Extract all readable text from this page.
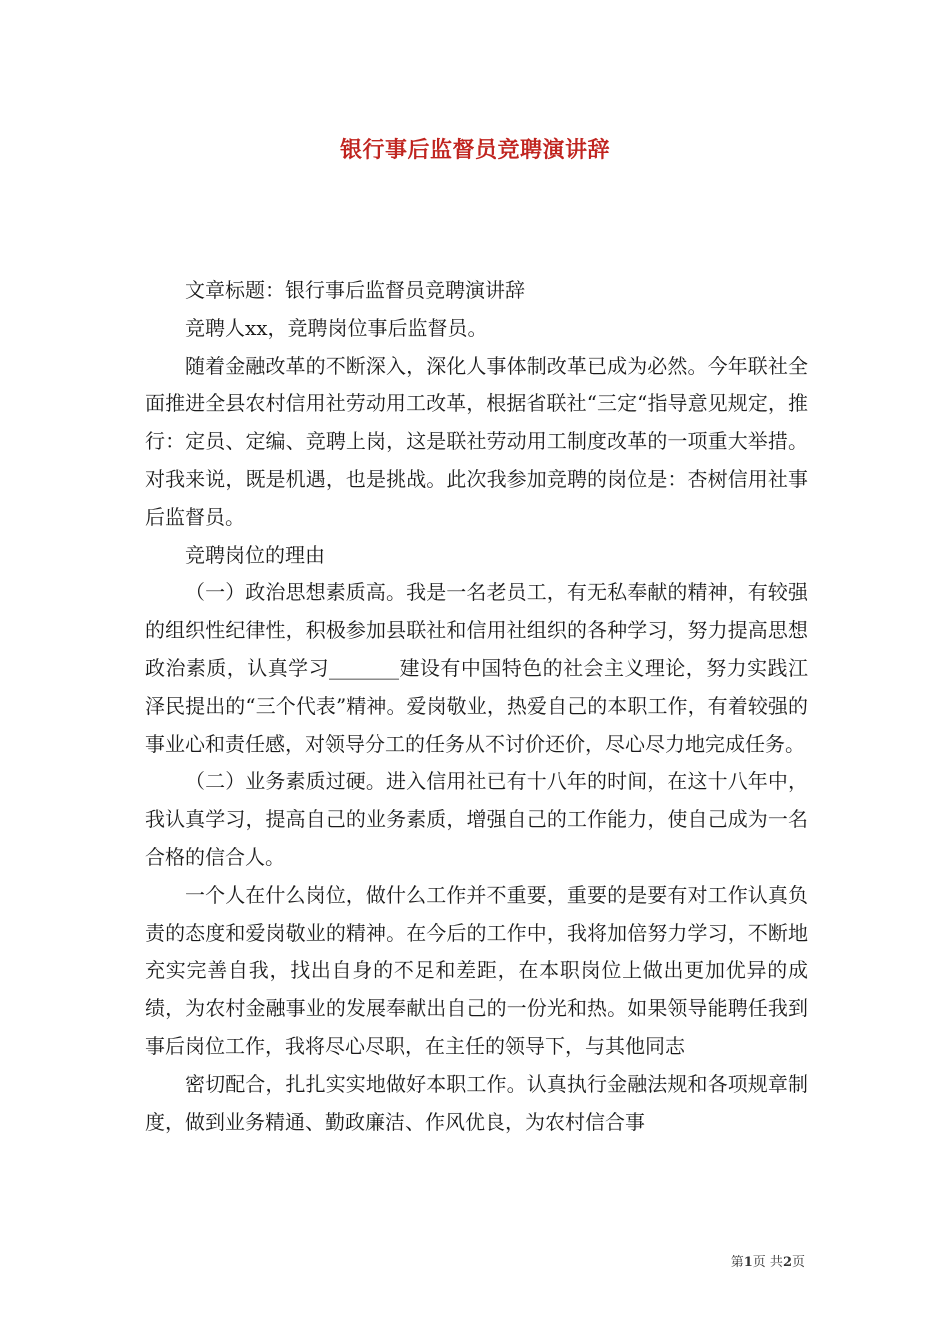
银行事后监督员竞聘演讲辞

文章标题：银行事后监督员竞聘演讲辞

竞聘人xx，竞聘岗位事后监督员。

随着金融改革的不断深入，深化人事体制改革已成为必然。今年联社全面推进全县农村信用社劳动用工改革，根据省联社“三定“指导意见规定，推行：定员、定编、竞聘上岗，这是联社劳动用工制度改革的一项重大举措。对我来说，既是机遇，也是挑战。此次我参加竞聘的岗位是：杏树信用社事后监督员。

竞聘岗位的理由

（一）政治思想素质高。我是一名老员工，有无私奉献的精神，有较强的组织性纪律性，积极参加县联社和信用社组织的各种学习，努力提高思想政治素质，认真学习_______建设有中国特色的社会主义理论，努力实践江泽民提出的“三个代表”精神。爱岗敬业，热爱自己的本职工作，有着较强的事业心和责任感，对领导分工的任务从不讨价还价，尽心尽力地完成任务。

（二）业务素质过硬。进入信用社已有十八年的时间，在这十八年中，我认真学习，提高自己的业务素质，增强自己的工作能力，使自己成为一名合格的信合人。

一个人在什么岗位，做什么工作并不重要，重要的是要有对工作认真负责的态度和爱岗敬业的精神。在今后的工作中，我将加倍努力学习，不断地充实完善自我，找出自身的不足和差距，在本职岗位上做出更加优异的成绩，为农村金融事业的发展奉献出自己的一份光和热。如果领导能聘任我到事后岗位工作，我将尽心尽职，在主任的领导下，与其他同志

密切配合，扎扎实实地做好本职工作。认真执行金融法规和各项规章制度，做到业务精通、勤政廉洁、作风优良，为农村信合事

第1页 共2页
